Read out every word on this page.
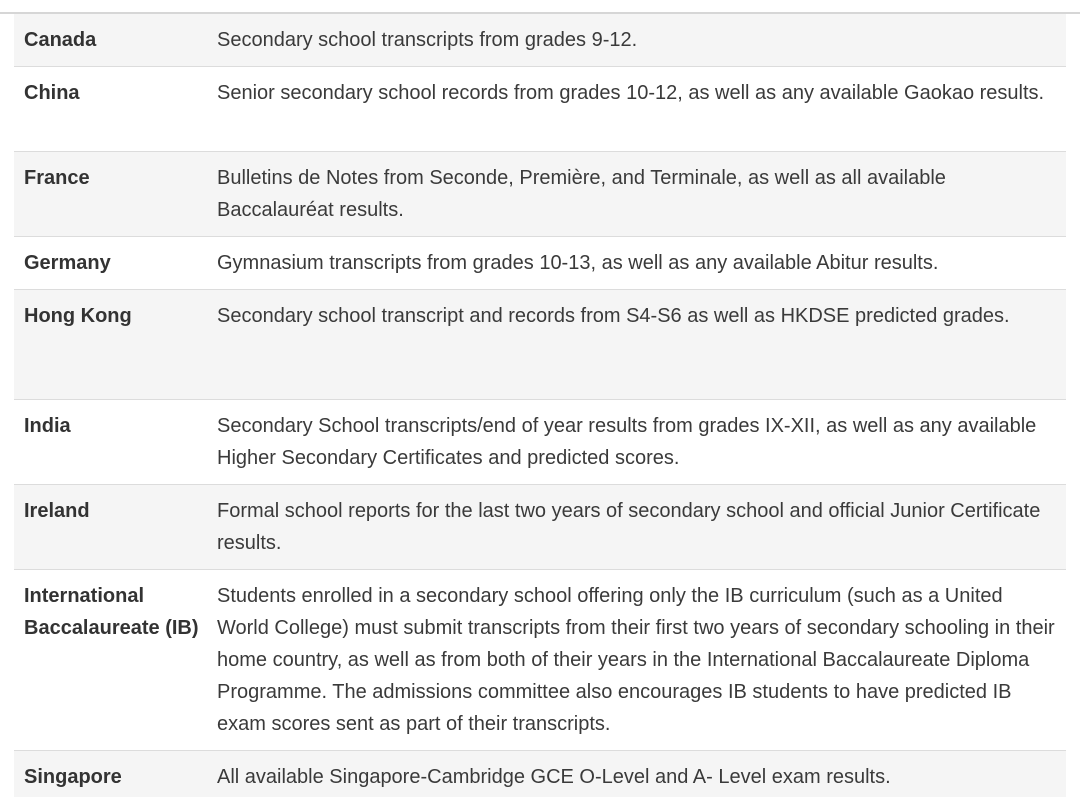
Canada	Secondary school transcripts from grades 9-12.
China	Senior secondary school records from grades 10-12, as well as any available Gaokao results.
France	Bulletins de Notes from Seconde, Première, and Terminale, as well as all available Baccalauréat results.
Germany	Gymnasium transcripts from grades 10-13, as well as any available Abitur results.
Hong Kong	Secondary school transcript and records from S4-S6 as well as HKDSE predicted grades.
India	Secondary School transcripts/end of year results from grades IX-XII, as well as any available Higher Secondary Certificates and predicted scores.
Ireland	Formal school reports for the last two years of secondary school and official Junior Certificate results.
International Baccalaureate (IB)	Students enrolled in a secondary school offering only the IB curriculum (such as a United World College) must submit transcripts from their first two years of secondary schooling in their home country, as well as from both of their years in the International Baccalaureate Diploma Programme. The admissions committee also encourages IB students to have predicted IB exam scores sent as part of their transcripts.
Singapore	All available Singapore-Cambridge GCE O-Level and A- Level exam results.
